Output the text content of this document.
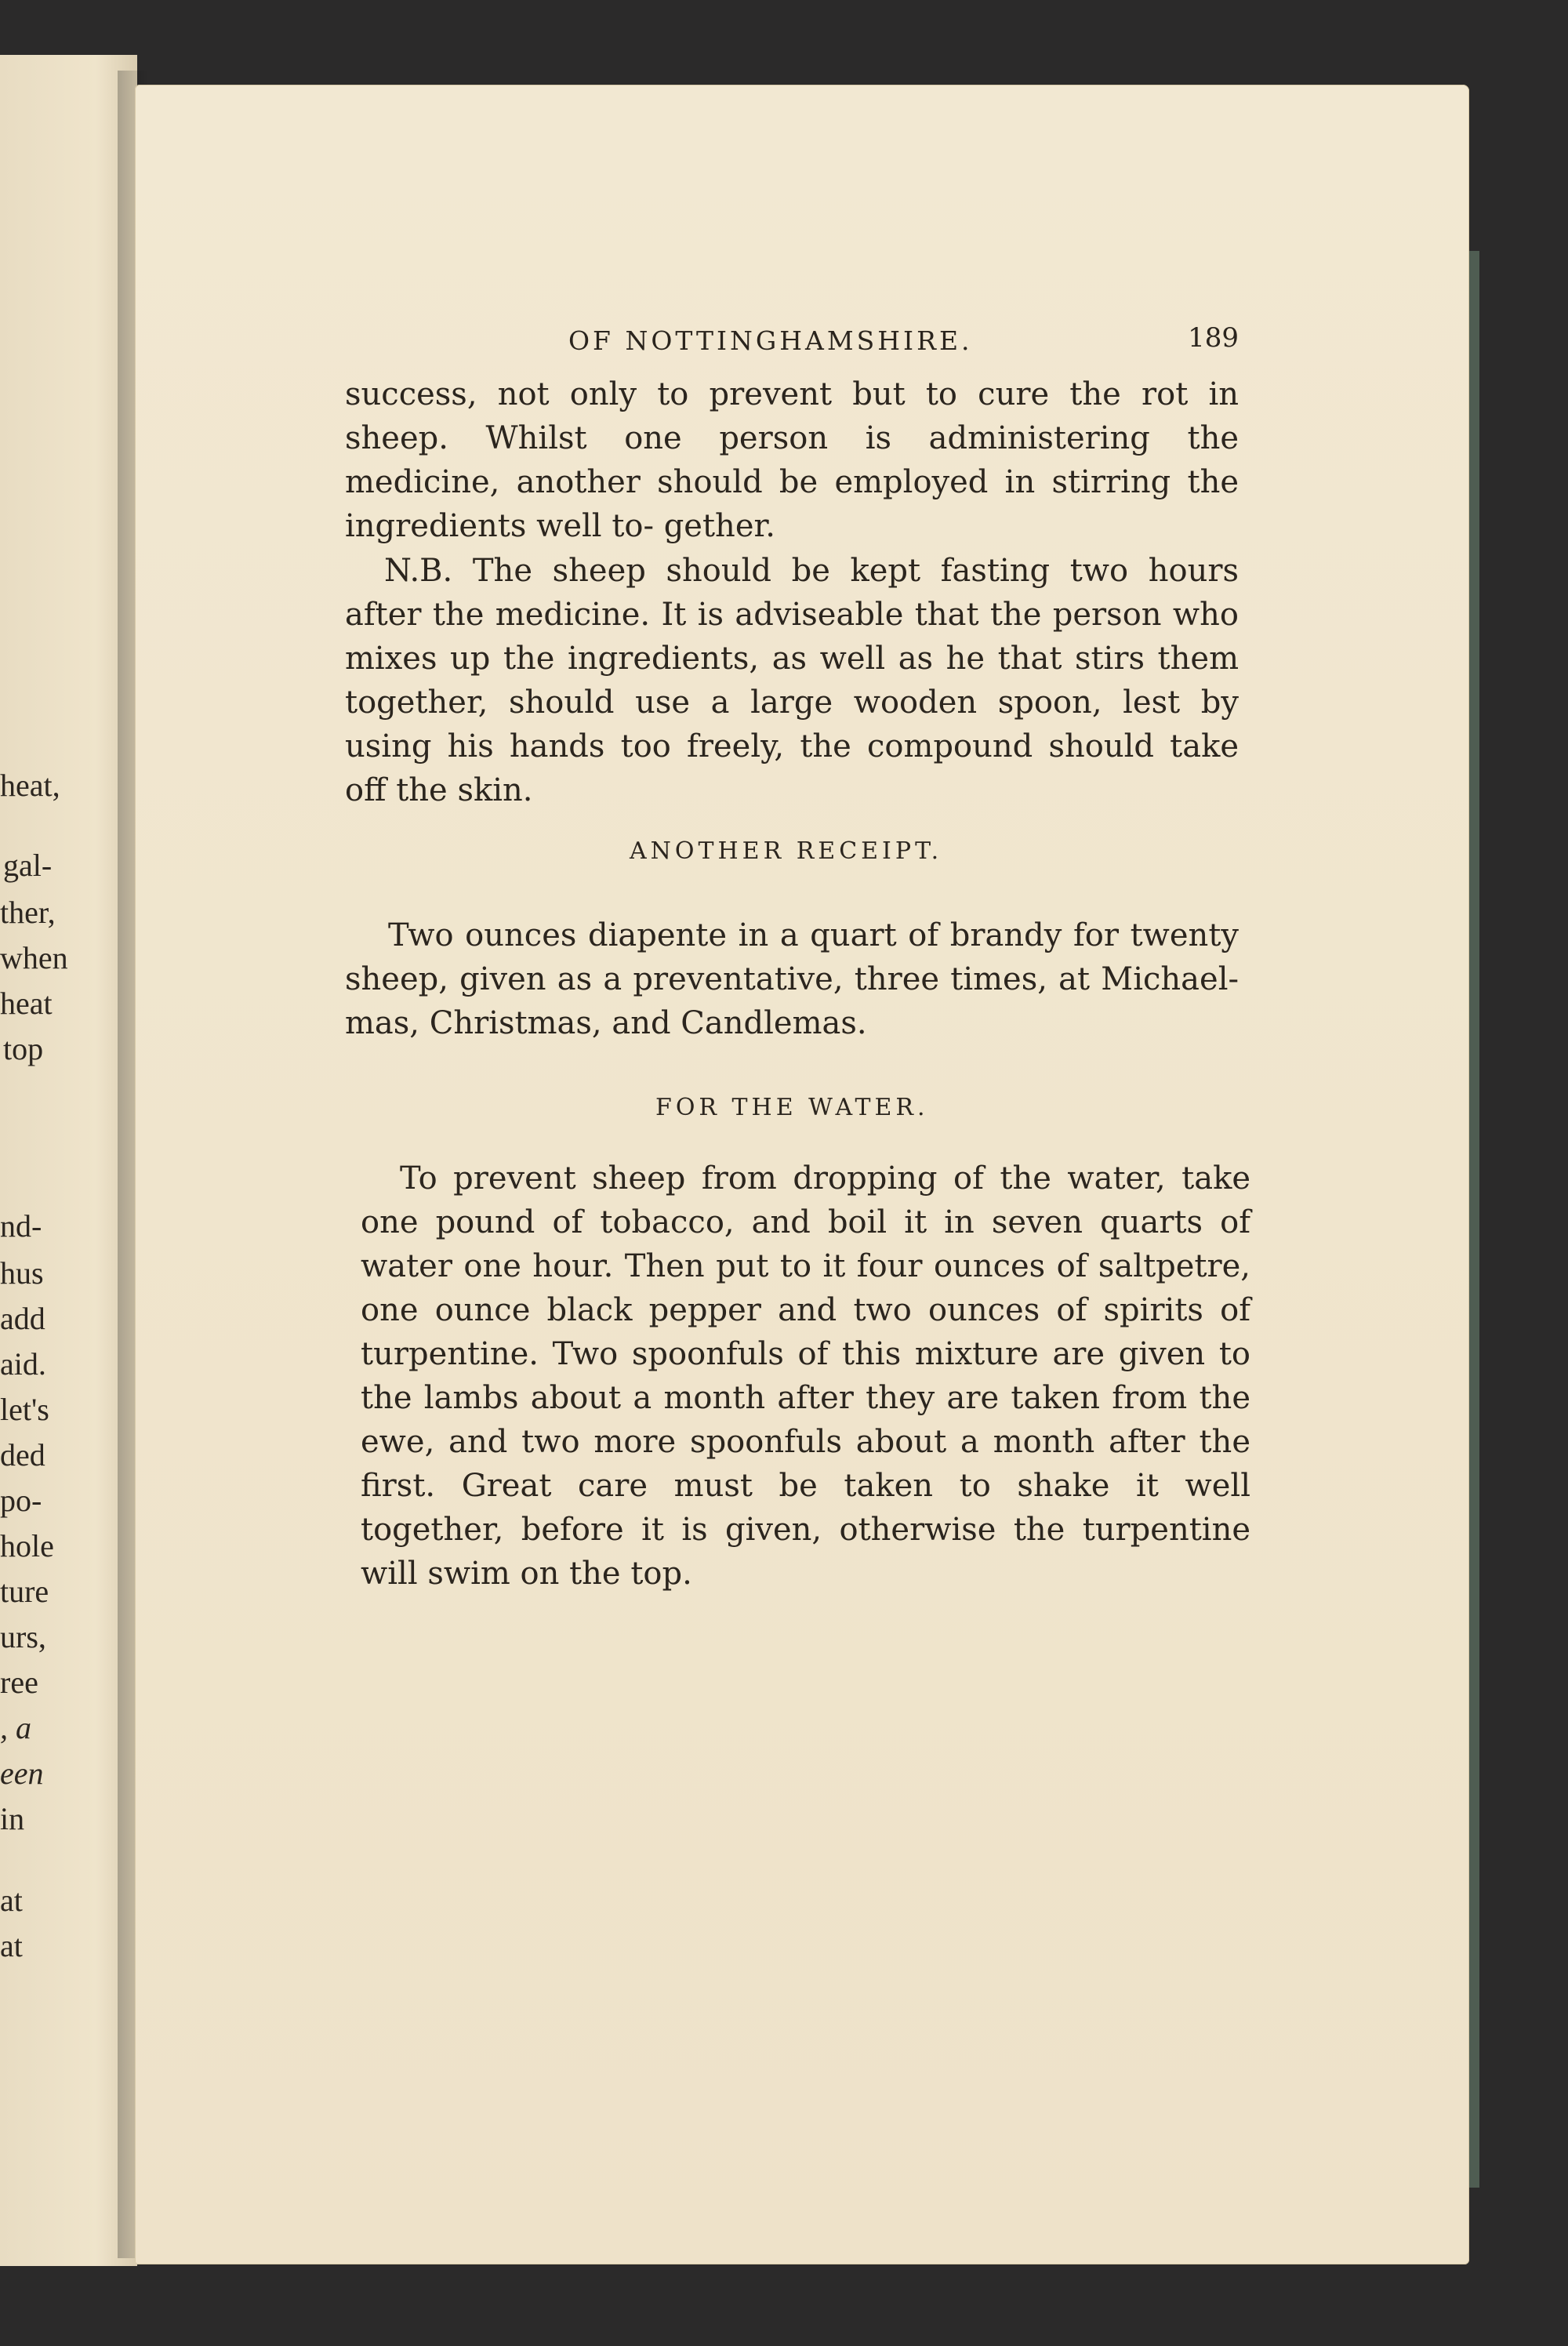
heat,
gal-
ther,
when
heat
top
nd-
hus
add
aid.
let's
ded
po-
hole
ture
urs,
ree
, a
een
in
at
at
OF NOTTINGHAMSHIRE.	189

success, not only to prevent but to cure the rot in sheep. Whilst one person is administering the medicine, another should be employed in stirring the ingredients well to- gether.

N.B. The sheep should be kept fasting two hours after the medicine. It is adviseable that the person who mixes up the ingredients, as well as he that stirs them together, should use a large wooden spoon, lest by using his hands too freely, the compound should take off the skin.

ANOTHER RECEIPT.

Two ounces diapente in a quart of brandy for twenty sheep, given as a preventative, three times, at Michael- mas, Christmas, and Candlemas.

FOR THE WATER.

To prevent sheep from dropping of the water, take one pound of tobacco, and boil it in seven quarts of water one hour. Then put to it four ounces of saltpetre, one ounce black pepper and two ounces of spirits of turpentine. Two spoonfuls of this mixture are given to the lambs about a month after they are taken from the ewe, and two more spoonfuls about a month after the first. Great care must be taken to shake it well together, before it is given, otherwise the turpentine will swim on the top.
